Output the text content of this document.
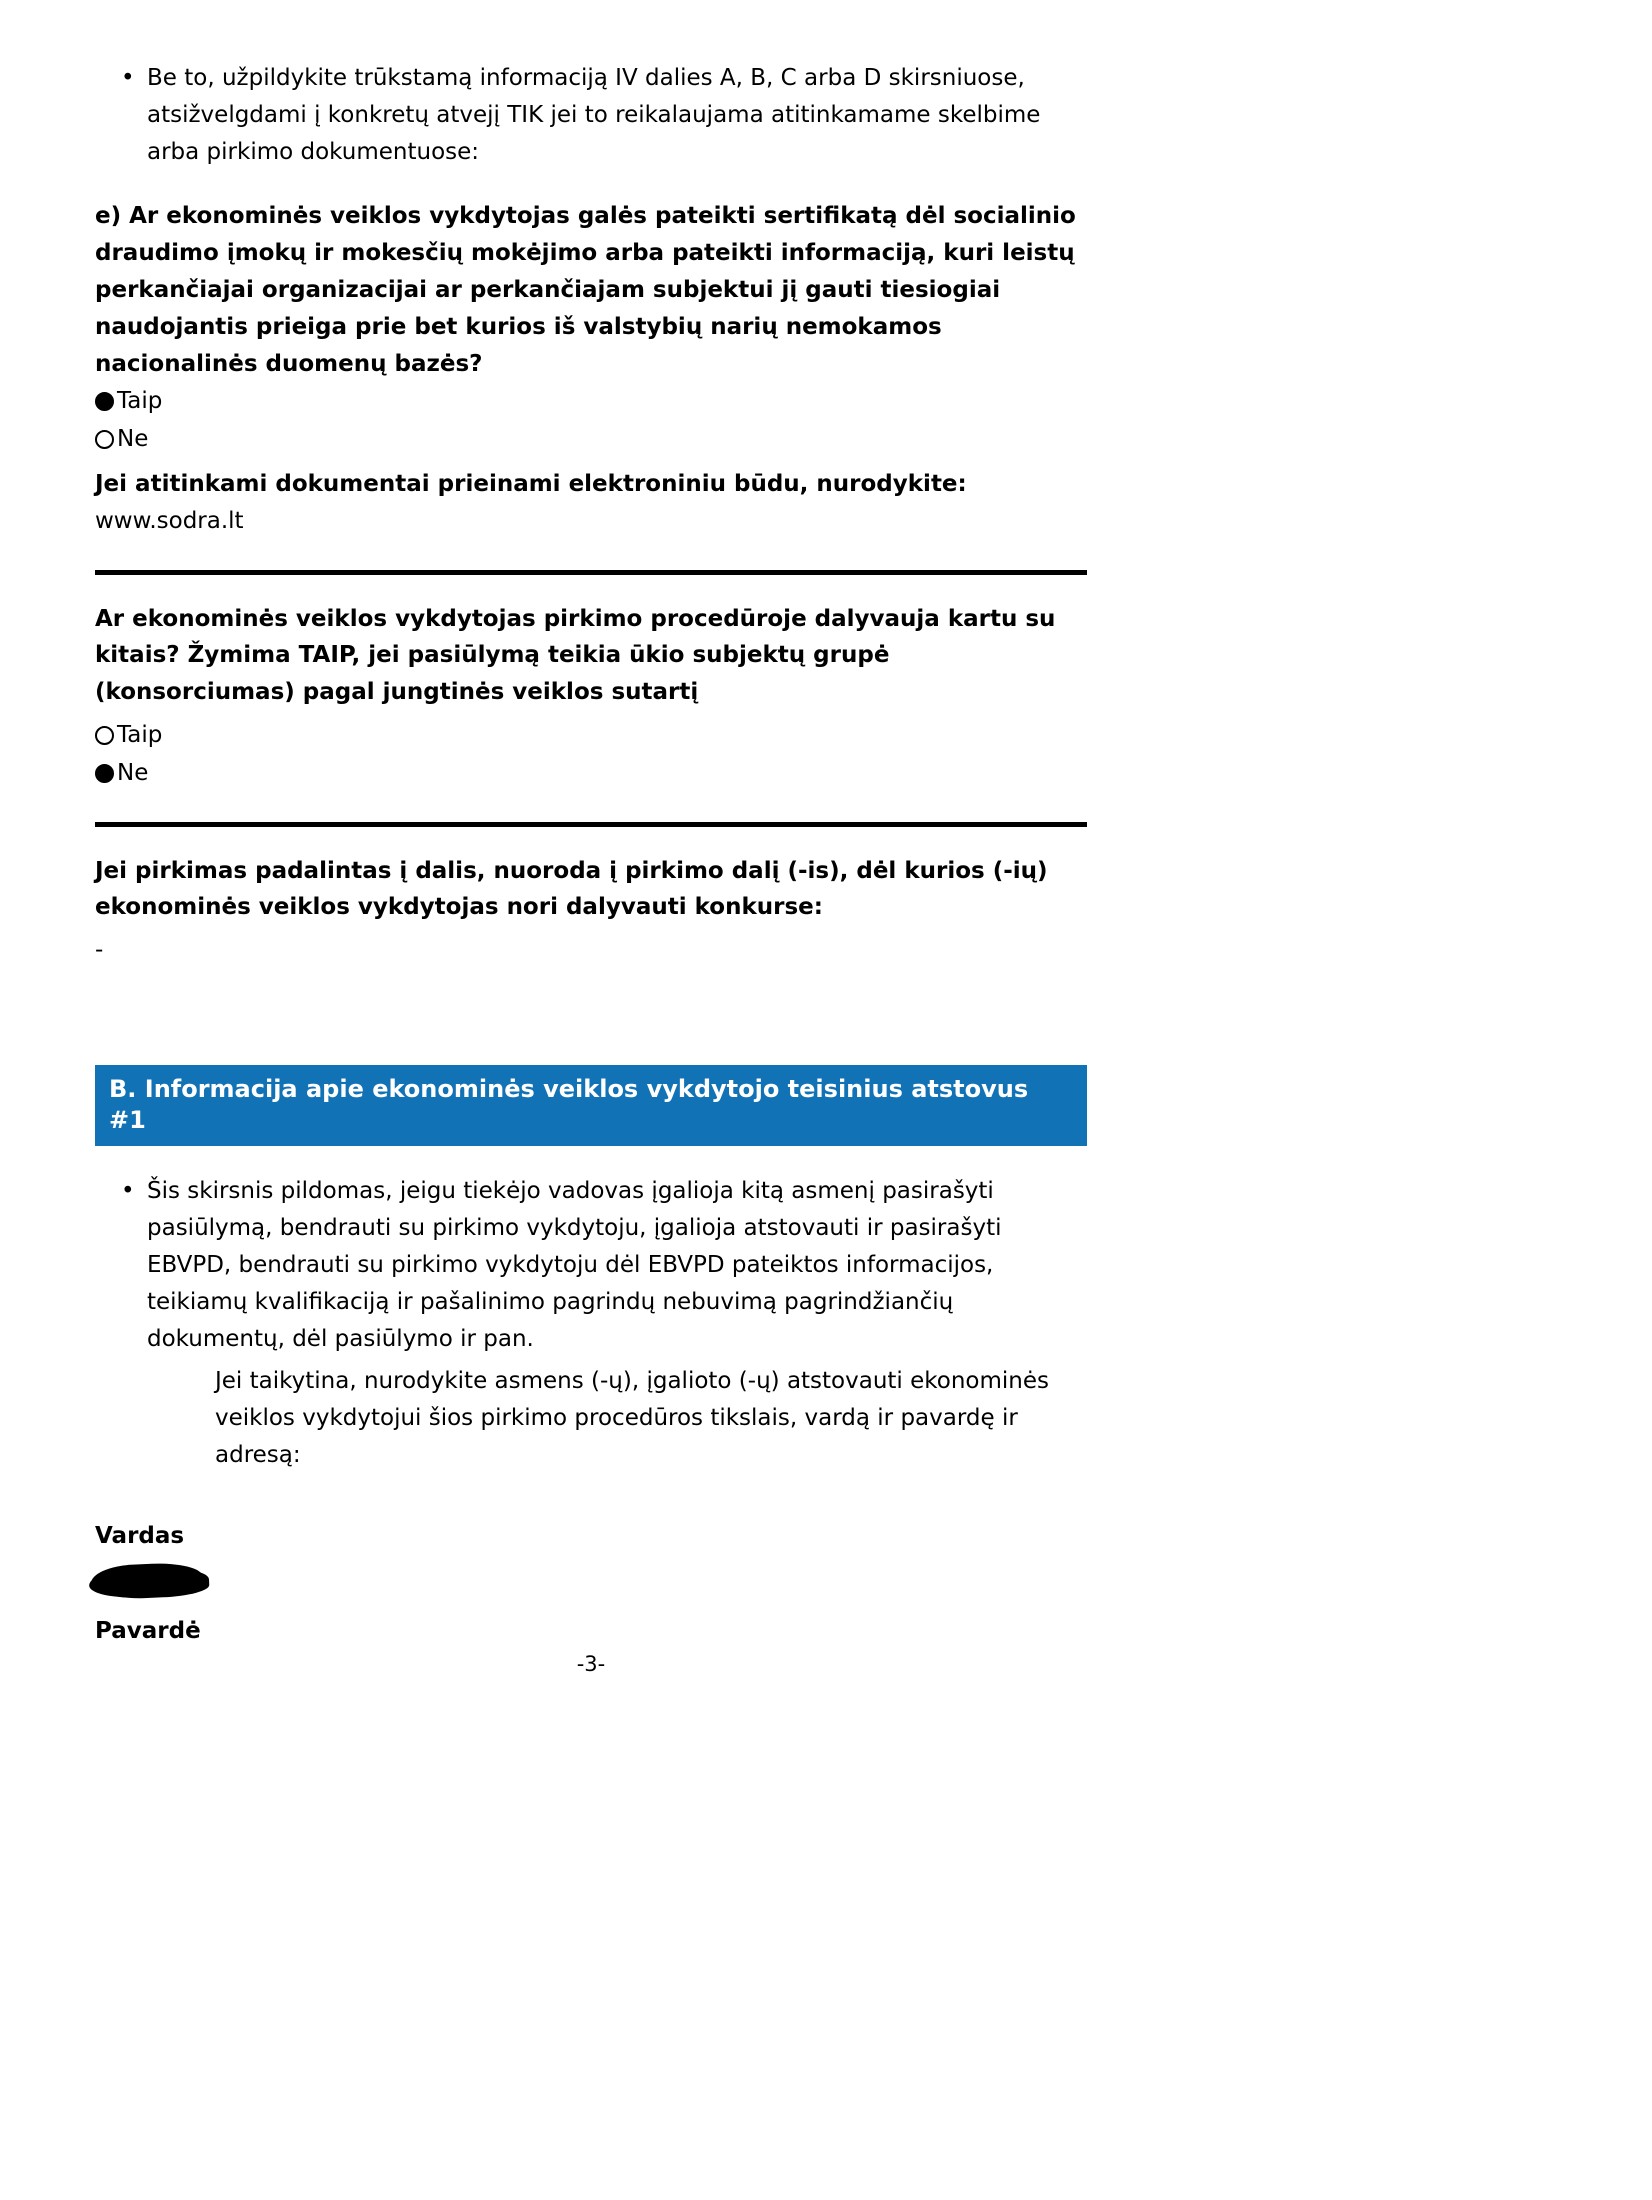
• Be to, užpildykite trūkstamą informaciją IV dalies A, B, C arba D skirsniuose, atsižvelgdami į konkretų atvejį TIK jei to reikalaujama atitinkamame skelbime arba pirkimo dokumentuose:

e) Ar ekonominės veiklos vykdytojas galės pateikti sertifikatą dėl socialinio draudimo įmokų ir mokesčių mokėjimo arba pateikti informaciją, kuri leistų perkančiajai organizacijai ar perkančiajam subjektui jį gauti tiesiogiai naudojantis prieiga prie bet kurios iš valstybių narių nemokamos nacionalinės duomenų bazės?

Taip
Ne

Jei atitinkami dokumentai prieinami elektroniniu būdu, nurodykite:

www.sodra.lt

Ar ekonominės veiklos vykdytojas pirkimo procedūroje dalyvauja kartu su kitais? Žymima TAIP, jei pasiūlymą teikia ūkio subjektų grupė (konsorciumas) pagal jungtinės veiklos sutartį

Taip
Ne

Jei pirkimas padalintas į dalis, nuoroda į pirkimo dalį (-is), dėl kurios (-ių) ekonominės veiklos vykdytojas nori dalyvauti konkurse:

-

B. Informacija apie ekonominės veiklos vykdytojo teisinius atstovus #1
• Šis skirsnis pildomas, jeigu tiekėjo vadovas įgalioja kitą asmenį pasirašyti pasiūlymą, bendrauti su pirkimo vykdytoju, įgalioja atstovauti ir pasirašyti EBVPD, bendrauti su pirkimo vykdytoju dėl EBVPD pateiktos informacijos, teikiamų kvalifikaciją ir pašalinimo pagrindų nebuvimą pagrindžiančių dokumentų, dėl pasiūlymo ir pan.

Jei taikytina, nurodykite asmens (-ų), įgalioto (-ų) atstovauti ekonominės veiklos vykdytojui šios pirkimo procedūros tikslais, vardą ir pavardę ir adresą:

Vardas

Pavardė

-3-
